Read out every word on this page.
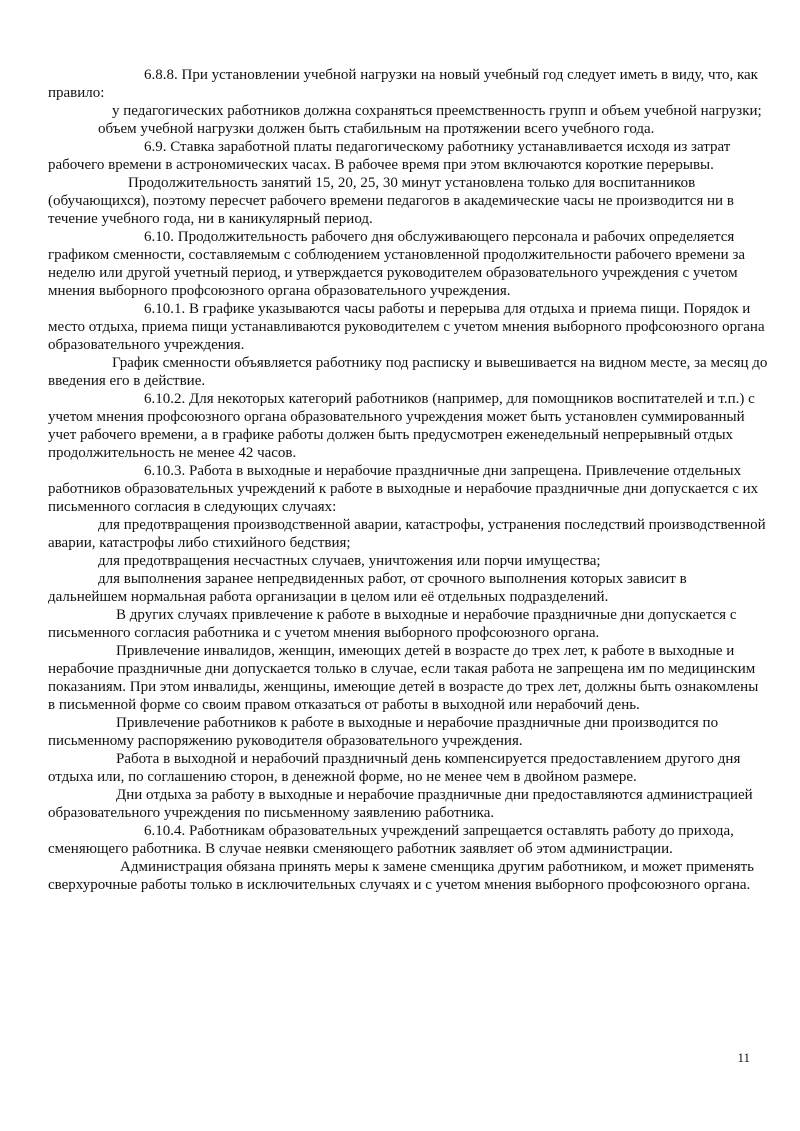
6.8.8. При установлении учебной нагрузки на новый учебный год следует иметь в виду, что, как правило:

у педагогических работников должна сохраняться преемственность групп и объем учебной нагрузки;

объем учебной нагрузки должен быть стабильным на протяжении всего учебного года.

6.9. Ставка заработной платы педагогическому работнику устанавливается исходя из затрат рабочего времени в астрономических часах. В рабочее время при этом включаются короткие перерывы.

Продолжительность занятий 15, 20, 25, 30 минут установлена только для воспитанников (обучающихся), поэтому пересчет рабочего времени педагогов в академические часы не производится ни в течение учебного года, ни в каникулярный период.

6.10. Продолжительность рабочего дня обслуживающего персонала и рабочих определяется графиком сменности, составляемым с соблюдением установленной продолжительности рабочего времени за неделю или другой учетный период, и утверждается руководителем образовательного учреждения с учетом мнения выборного профсоюзного органа образовательного учреждения.

6.10.1. В графике указываются часы работы и перерыва для отдыха и приема пищи. Порядок и место отдыха, приема пищи устанавливаются руководителем с учетом мнения выборного профсоюзного органа образовательного учреждения.

График сменности объявляется работнику под расписку и вывешивается на видном месте, за месяц до введения его в действие.

6.10.2. Для некоторых категорий работников (например, для помощников воспитателей и т.п.) с учетом мнения профсоюзного органа образовательного учреждения может быть установлен суммированный учет рабочего времени, а в графике работы должен быть предусмотрен еженедельный непрерывный отдых продолжительность не менее 42 часов.

6.10.3. Работа в выходные и нерабочие праздничные дни запрещена. Привлечение отдельных работников образовательных учреждений к работе в выходные и нерабочие праздничные дни допускается с их письменного согласия в следующих случаях:

для предотвращения производственной аварии, катастрофы, устранения последствий производственной аварии, катастрофы либо стихийного бедствия;

для предотвращения несчастных случаев, уничтожения или порчи имущества;

для выполнения заранее непредвиденных работ, от срочного выполнения которых зависит в дальнейшем нормальная работа организации в целом или её отдельных подразделений.

В других случаях привлечение к работе в выходные и нерабочие праздничные дни допускается с письменного согласия работника и с учетом мнения выборного профсоюзного органа.

Привлечение инвалидов, женщин, имеющих детей в возрасте до трех лет, к работе в выходные и нерабочие праздничные дни допускается только в случае, если такая работа не запрещена им по медицинским показаниям. При этом инвалиды, женщины, имеющие детей в возрасте до трех лет, должны быть ознакомлены в письменной форме со своим правом отказаться от работы в выходной или нерабочий день.

Привлечение работников к работе в выходные и нерабочие праздничные дни производится по письменному распоряжению руководителя образовательного учреждения.

Работа в выходной и нерабочий праздничный день компенсируется предоставлением другого дня отдыха или, по соглашению сторон, в денежной форме, но не менее чем в двойном размере.

Дни отдыха за работу в выходные и нерабочие праздничные дни предоставляются администрацией образовательного учреждения по письменному заявлению работника.

6.10.4. Работникам образовательных учреждений запрещается оставлять работу до прихода, сменяющего работника. В случае неявки сменяющего работник заявляет об этом администрации.

Администрация обязана принять меры к замене сменщика другим работником, и может применять сверхурочные работы только в исключительных случаях и с учетом мнения выборного профсоюзного органа.

11
